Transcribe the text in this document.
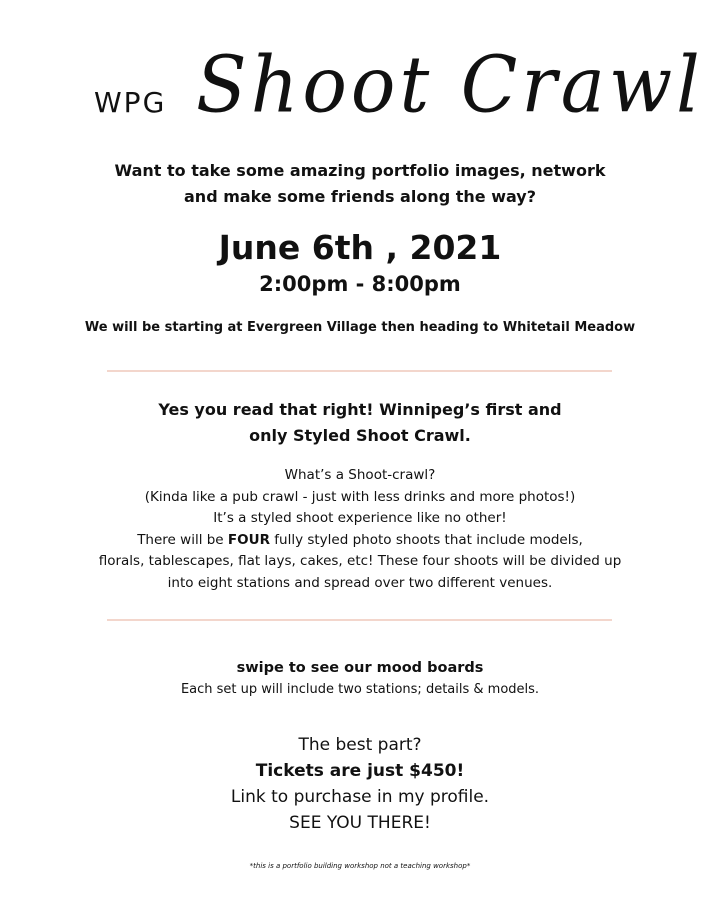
WPG Shoot Crawl
Want to take some amazing portfolio images, network
and make some friends along the way?
June 6th , 2021
2:00pm - 8:00pm
We will be starting at Evergreen Village then heading to Whitetail Meadow
Yes you read that right! Winnipeg’s first and
only Styled Shoot Crawl.
What’s a Shoot-crawl?
(Kinda like a pub crawl - just with less drinks and more photos!)
It’s a styled shoot experience like no other!
There will be FOUR fully styled photo shoots that include models,
florals, tablescapes, flat lays, cakes, etc! These four shoots will be divided up
into eight stations and spread over two different venues.
swipe to see our mood boards
Each set up will include two stations; details & models.
The best part?
Tickets are just $450!
Link to purchase in my profile.
SEE YOU THERE!
*this is a portfolio building workshop not a teaching workshop*
